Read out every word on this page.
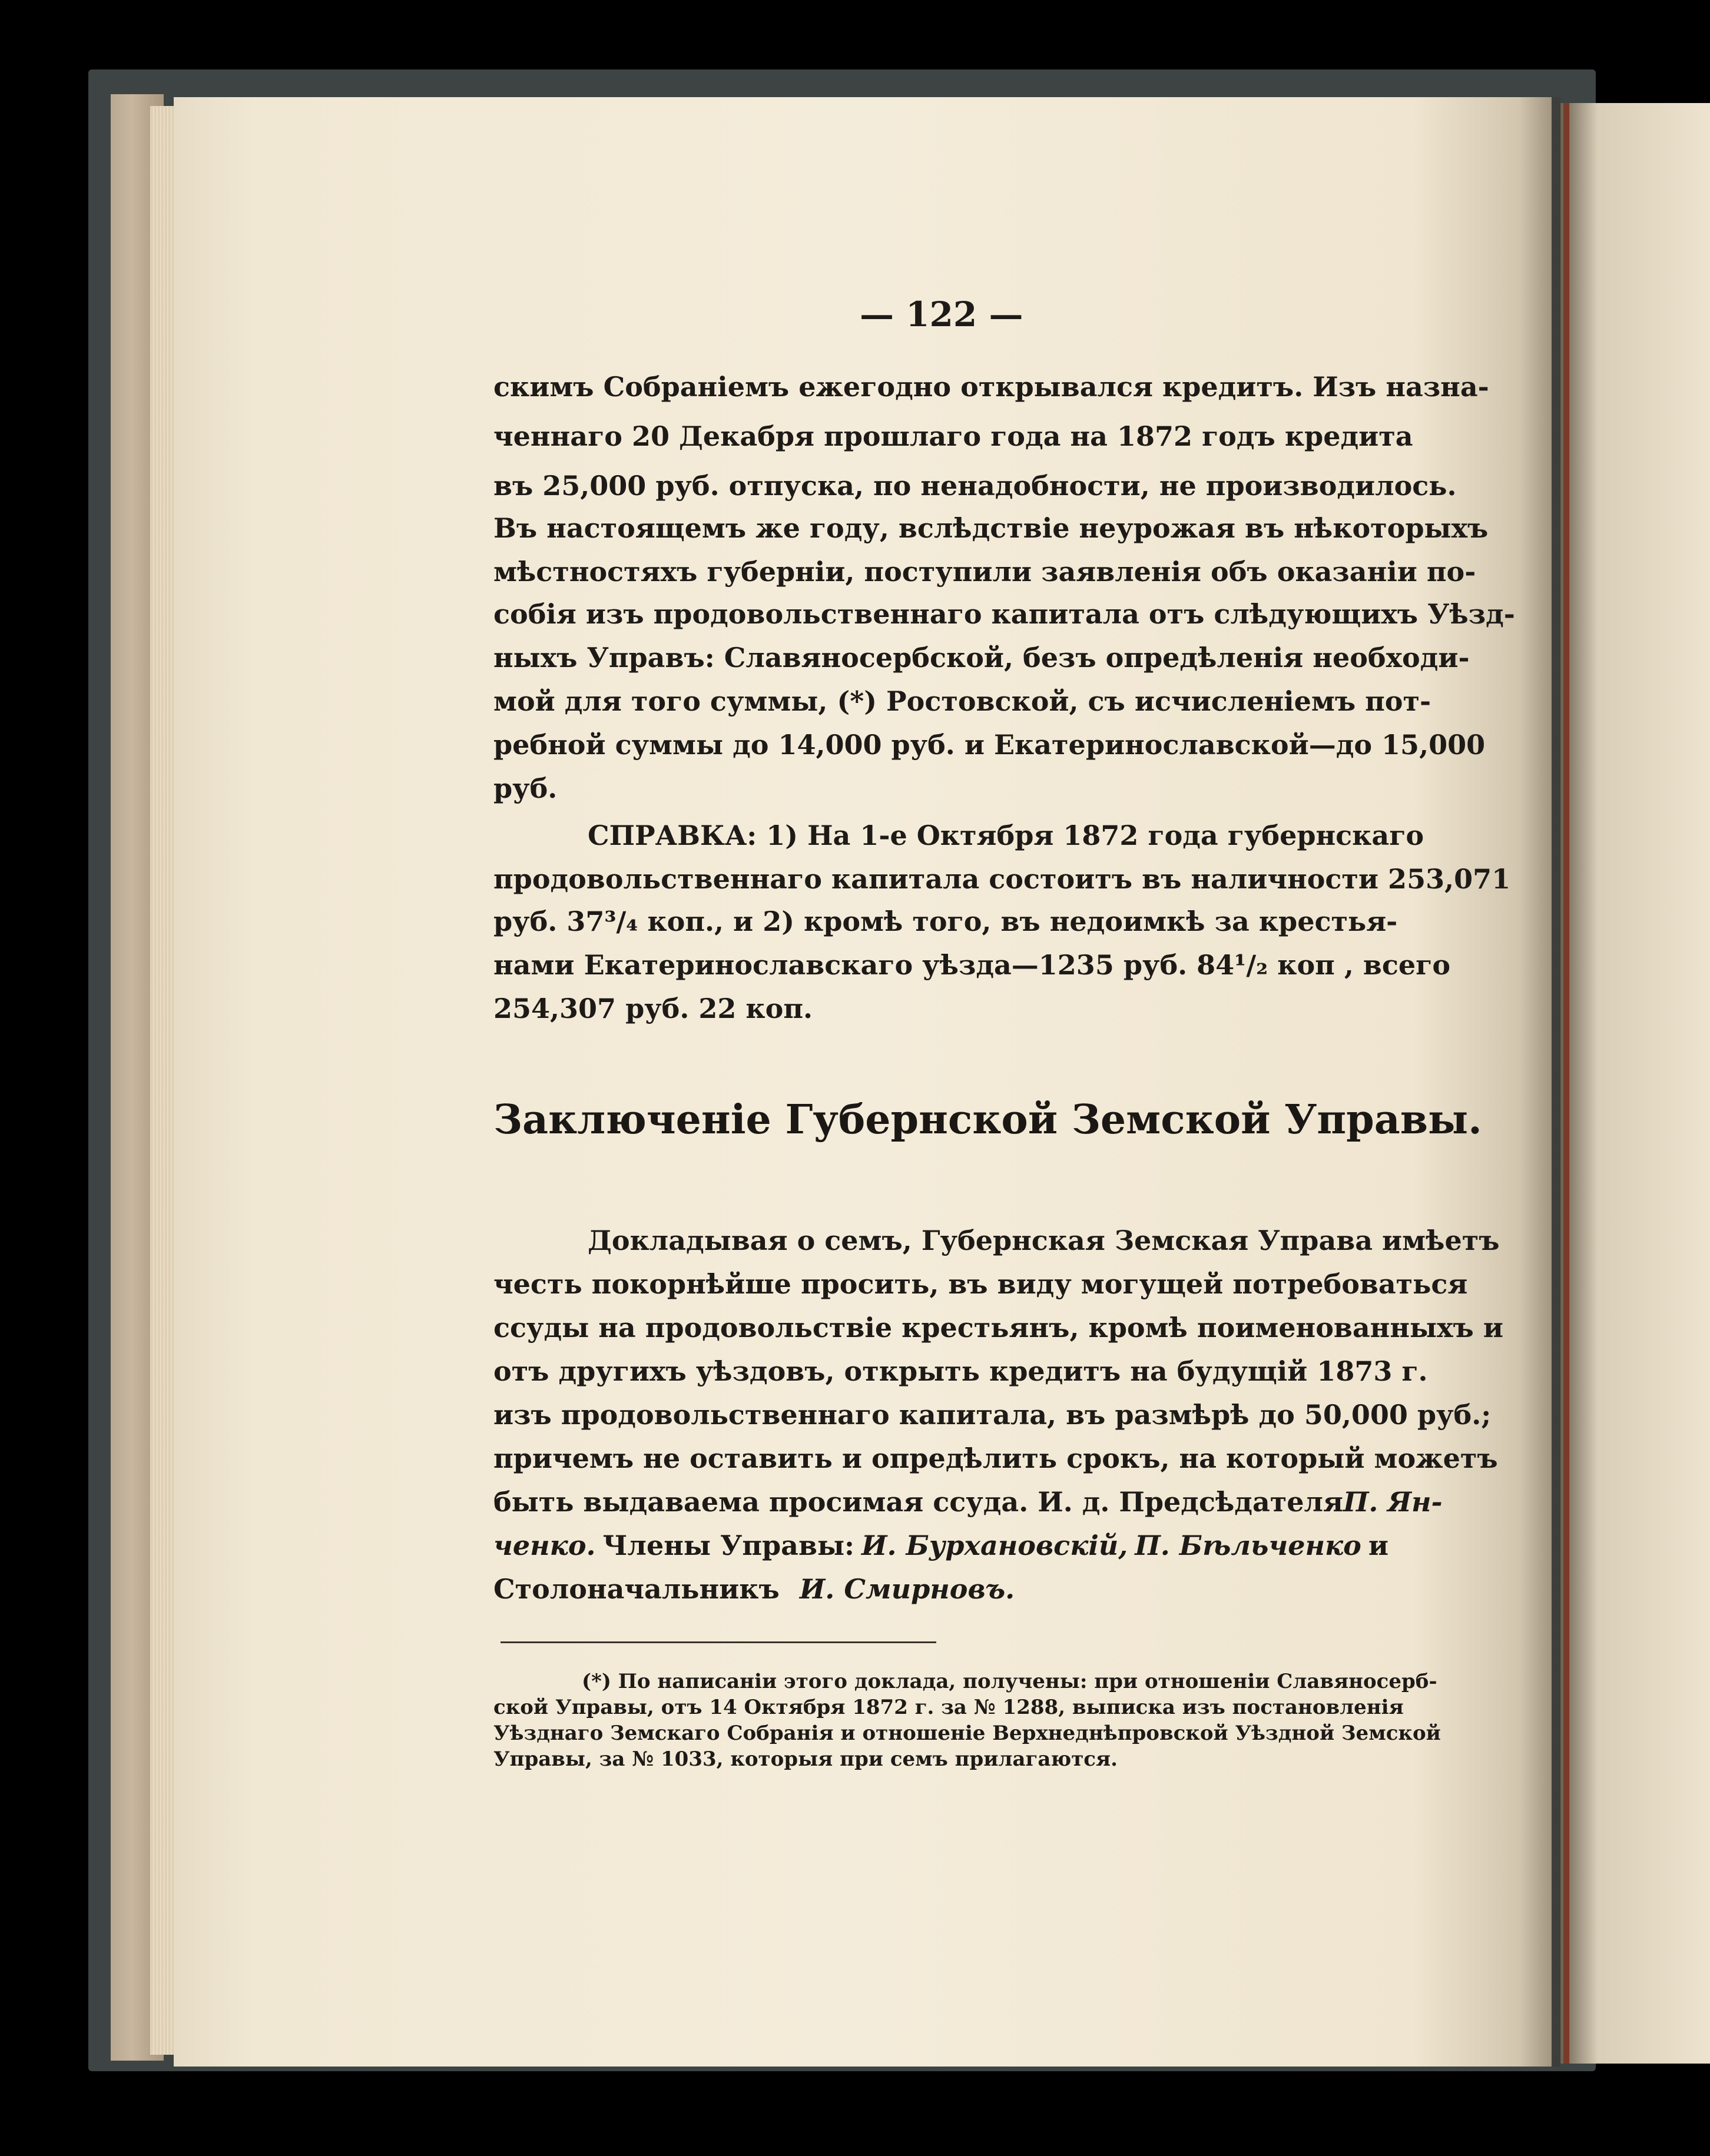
— 122 —
скимъ Собраніемъ ежегодно открывался кредитъ. Изъ назна-
ченнаго 20 Декабря прошлаго года на 1872 годъ кредита
въ 25,000 руб. отпуска, по ненадобности, не производилось.
Въ настоящемъ же году, вслѣдствіе неурожая въ нѣкоторыхъ
мѣстностяхъ губерніи, поступили заявленія объ оказаніи по-
собія изъ продовольственнаго капитала отъ слѣдующихъ Уѣзд-
ныхъ Управъ: Славяносербской, безъ опредѣленія необходи-
мой для того суммы, (*) Ростовской, съ исчисленіемъ пот-
ребной суммы до 14,000 руб. и Екатеринославской—до 15,000
руб.
СПРАВКА: 1) На 1-е Октября 1872 года губернскаго
продовольственнаго капитала состоитъ въ наличности 253,071
руб. 37³/₄ коп., и 2) кромѣ того, въ недоимкѣ за крестья-
нами Екатеринославскаго уѣзда—1235 руб. 84¹/₂ коп , всего
254,307 руб. 22 коп.
Заключеніе Губернской Земской Управы.
Докладывая о семъ, Губернская Земская Управа имѣетъ
честь покорнѣйше просить, въ виду могущей потребоваться
ссуды на продовольствіе крестьянъ, кромѣ поименованныхъ и
отъ другихъ уѣздовъ, открыть кредитъ на будущій 1873 г.
изъ продовольственнаго капитала, въ размѣрѣ до 50,000 руб.;
причемъ не оставить и опредѣлить срокъ, на который можетъ
быть выдаваема просимая ссуда. И. д. Предсѣдателя П. Ян-
ченко. Члены Управы: И. Бурхановскій, П. Бѣльченко и
Столоначальникъ И. Смирновъ.
(*) По написаніи этого доклада, получены: при отношеніи Славяносерб-
ской Управы, отъ 14 Октября 1872 г. за № 1288, выписка изъ постановленія
Уѣзднаго Земскаго Собранія и отношеніе Верхнеднѣпровской Уѣздной Земской
Управы, за № 1033, которыя при семъ прилагаются.
